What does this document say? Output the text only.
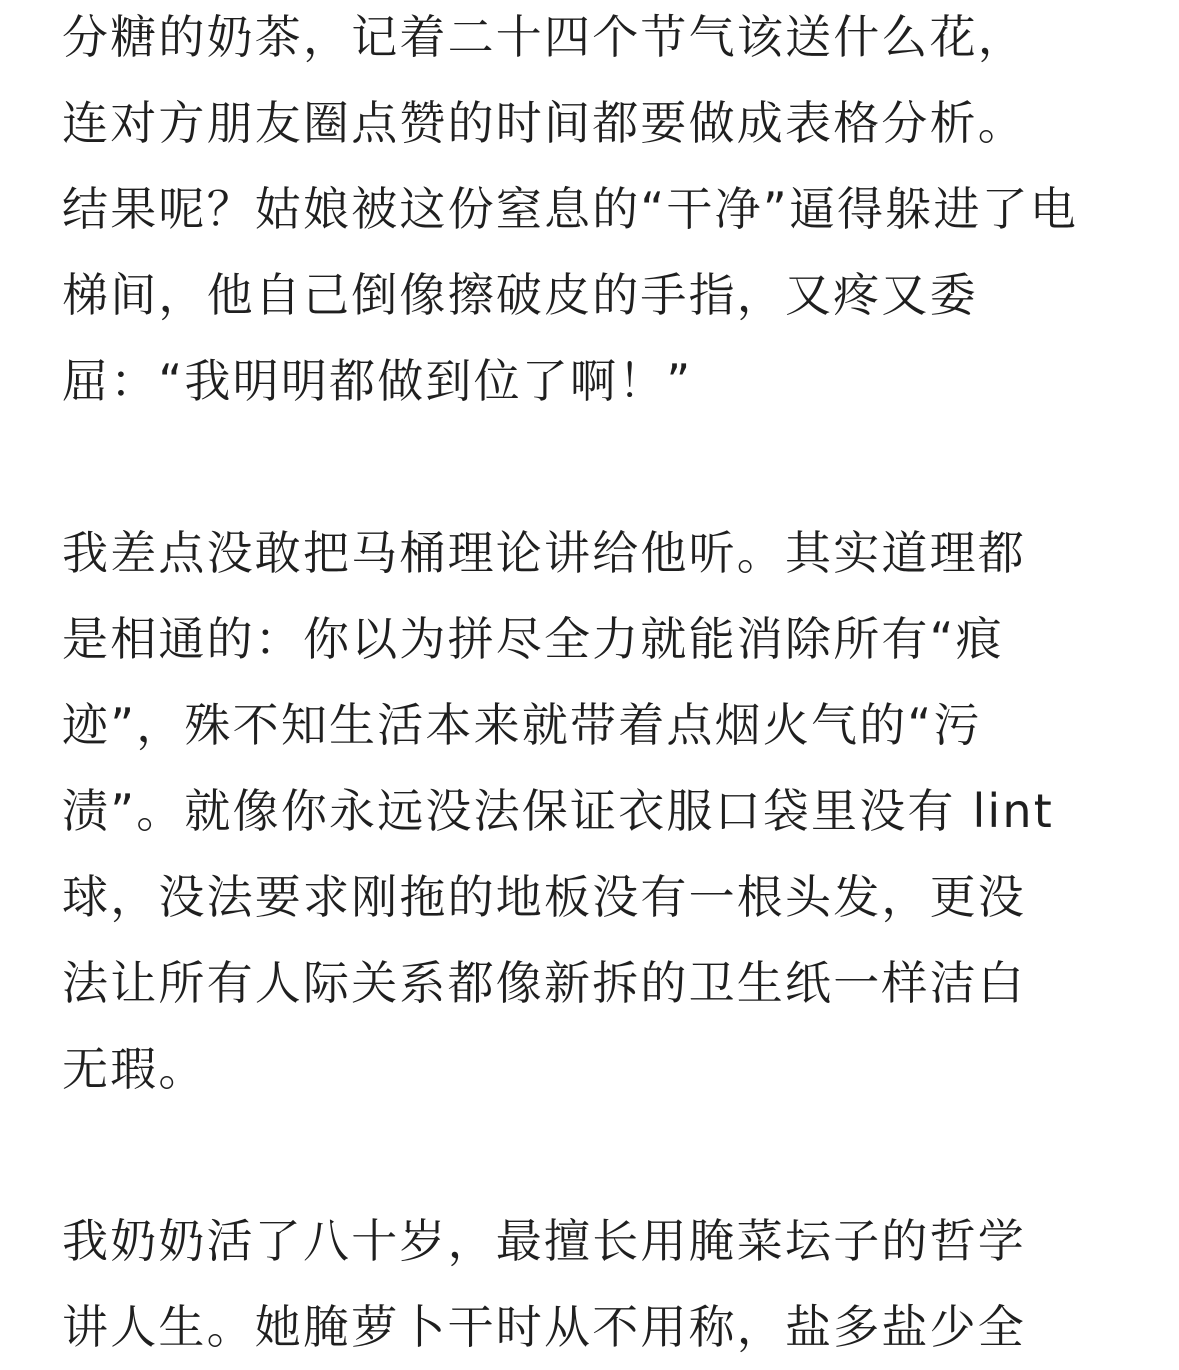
分糖的奶茶，记着二十四个节气该送什么花，
连对方朋友圈点赞的时间都要做成表格分析。
结果呢？姑娘被这份窒息的“干净”逼得躲进了电
梯间，他自己倒像擦破皮的手指，又疼又委
屈：“我明明都做到位了啊！”

我差点没敢把马桶理论讲给他听。其实道理都
是相通的：你以为拼尽全力就能消除所有“痕
迹”，殊不知生活本来就带着点烟火气的“污
渍”。就像你永远没法保证衣服口袋里没有 lint
球，没法要求刚拖的地板没有一根头发，更没
法让所有人际关系都像新拆的卫生纸一样洁白
无瑕。

我奶奶活了八十岁，最擅长用腌菜坛子的哲学
讲人生。她腌萝卜干时从不用称，盐多盐少全
